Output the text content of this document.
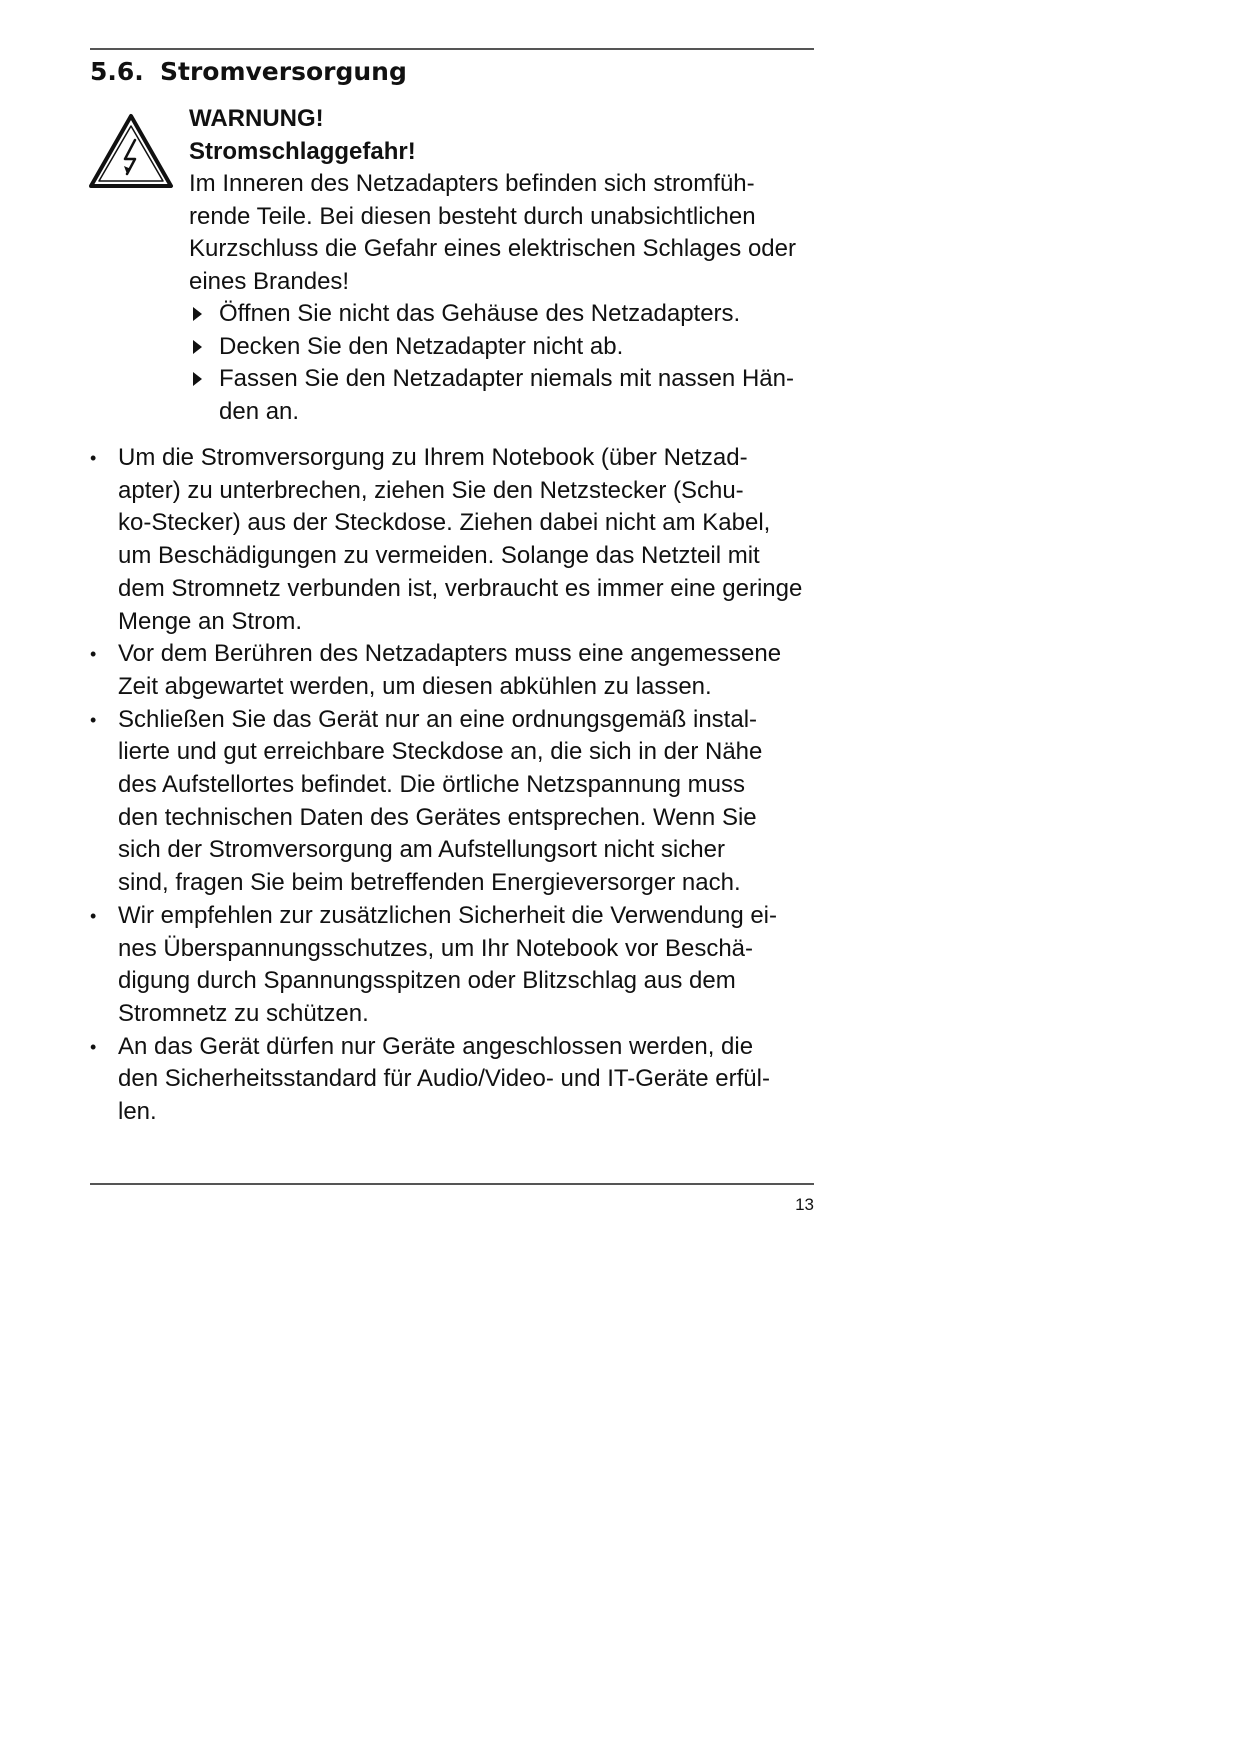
5.6. Stromversorgung
WARNUNG!
Stromschlaggefahr!
Im Inneren des Netzadapters befinden sich stromfüh-
rende Teile. Bei diesen besteht durch unabsichtlichen
Kurzschluss die Gefahr eines elektrischen Schlages oder
eines Brandes!
Öffnen Sie nicht das Gehäuse des Netzadapters.
Decken Sie den Netzadapter nicht ab.
Fassen Sie den Netzadapter niemals mit nassen Hän-
den an.
• Um die Stromversorgung zu Ihrem Notebook (über Netzad-
apter) zu unterbrechen, ziehen Sie den Netzstecker (Schu-
ko-Stecker) aus der Steckdose. Ziehen dabei nicht am Kabel,
um Beschädigungen zu vermeiden. Solange das Netzteil mit
dem Stromnetz verbunden ist, verbraucht es immer eine geringe
Menge an Strom.
• Vor dem Berühren des Netzadapters muss eine angemessene
Zeit abgewartet werden, um diesen abkühlen zu lassen.
• Schließen Sie das Gerät nur an eine ordnungsgemäß instal-
lierte und gut erreichbare Steckdose an, die sich in der Nähe
des Aufstellortes befindet. Die örtliche Netzspannung muss
den technischen Daten des Gerätes entsprechen. Wenn Sie
sich der Stromversorgung am Aufstellungsort nicht sicher
sind, fragen Sie beim betreffenden Energieversorger nach.
• Wir empfehlen zur zusätzlichen Sicherheit die Verwendung ei-
nes Überspannungsschutzes, um Ihr Notebook vor Beschä-
digung durch Spannungsspitzen oder Blitzschlag aus dem
Stromnetz zu schützen.
• An das Gerät dürfen nur Geräte angeschlossen werden, die
den Sicherheitsstandard für Audio/Video- und IT-Geräte erfül-
len.
13
